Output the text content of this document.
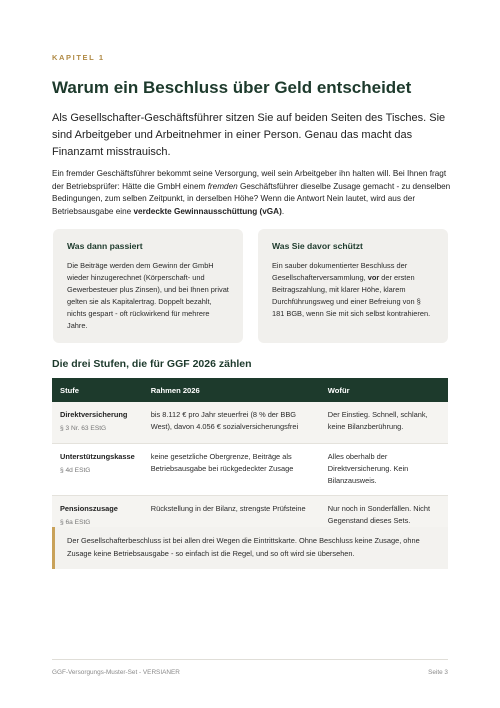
KAPITEL 1
Warum ein Beschluss über Geld entscheidet

Als Gesellschafter-Geschäftsführer sitzen Sie auf beiden Seiten des Tisches. Sie sind Arbeitgeber und Arbeitnehmer in einer Person. Genau das macht das Finanzamt misstrauisch.

Ein fremder Geschäftsführer bekommt seine Versorgung, weil sein Arbeitgeber ihn halten will. Bei Ihnen fragt der Betriebsprüfer: Hätte die GmbH einem fremden Geschäftsführer dieselbe Zusage gemacht - zu denselben Bedingungen, zum selben Zeitpunkt, in derselben Höhe? Wenn die Antwort Nein lautet, wird aus der Betriebsausgabe eine verdeckte Gewinnausschüttung (vGA).

Was dann passiert

Die Beiträge werden dem Gewinn der GmbH wieder hinzugerechnet (Körperschaft- und Gewerbesteuer plus Zinsen), und bei Ihnen privat gelten sie als Kapitalertrag. Doppelt bezahlt, nichts gespart - oft rückwirkend für mehrere Jahre.

Was Sie davor schützt

Ein sauber dokumentierter Beschluss der Gesellschafterversammlung, vor der ersten Beitragszahlung, mit klarer Höhe, klarem Durchführungsweg und einer Befreiung von § 181 BGB, wenn Sie mit sich selbst kontrahieren.

Die drei Stufen, die für GGF 2026 zählen
Stufe	Rahmen 2026	Wofür

Direktversicherung
§ 3 Nr. 63 EStG	bis 8.112 € pro Jahr steuerfrei (8 % der BBG West), davon 4.056 € sozialversicherungsfrei	Der Einstieg. Schnell, schlank, keine Bilanzberührung.

Unterstützungskasse
§ 4d EStG	keine gesetzliche Obergrenze, Beiträge als Betriebsausgabe bei rückgedeckter Zusage	Alles oberhalb der Direktversicherung. Kein Bilanzausweis.

Pensionszusage
§ 6a EStG	Rückstellung in der Bilanz, strengste Prüfsteine	Nur noch in Sonderfällen. Nicht Gegenstand dieses Sets.
Der Gesellschafterbeschluss ist bei allen drei Wegen die Eintrittskarte. Ohne Beschluss keine Zusage, ohne Zusage keine Betriebsausgabe - so einfach ist die Regel, und so oft wird sie übersehen.
GGF-Versorgungs-Muster-Set - VERSIANER	Seite 3
